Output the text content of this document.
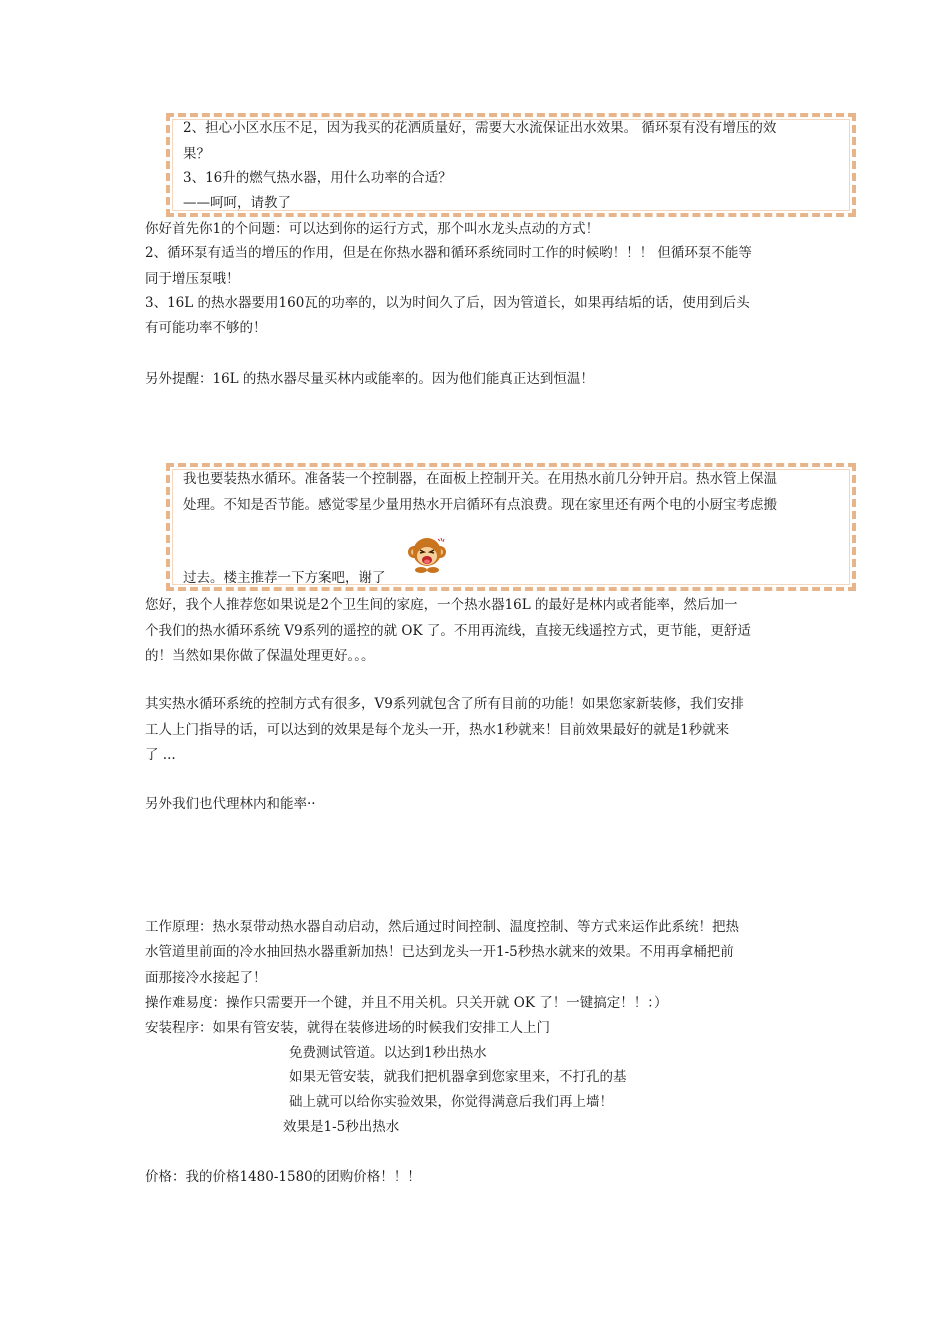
2、担心小区水压不足，因为我买的花洒质量好，需要大水流保证出水效果。 循环泵有没有增压的效
果？
3、16升的燃气热水器，用什么功率的合适？
——呵呵，请教了
你好首先你1的个问题：可以达到你的运行方式，那个叫水龙头点动的方式！
2、循环泵有适当的增压的作用，但是在你热水器和循环系统同时工作的时候哟！！！ 但循环泵不能等
同于增压泵哦！
3、16L 的热水器要用160瓦的功率的，以为时间久了后，因为管道长，如果再结垢的话，使用到后头
有可能功率不够的！
另外提醒：16L 的热水器尽量买林内或能率的。因为他们能真正达到恒温！
我也要装热水循环。准备装一个控制器，在面板上控制开关。在用热水前几分钟开启。热水管上保温
处理。不知是否节能。感觉零星少量用热水开启循环有点浪费。现在家里还有两个电的小厨宝考虑搬
过去。楼主推荐一下方案吧，谢了
您好，我个人推荐您如果说是2个卫生间的家庭，一个热水器16L 的最好是林内或者能率，然后加一
个我们的热水循环系统 V9系列的遥控的就 OK 了。不用再流线，直接无线遥控方式，更节能，更舒适
的！当然如果你做了保温处理更好。。。
其实热水循环系统的控制方式有很多，V9系列就包含了所有目前的功能！如果您家新装修，我们安排
工人上门指导的话，可以达到的效果是每个龙头一开，热水1秒就来！目前效果最好的就是1秒就来
了 ...
另外我们也代理林内和能率··
工作原理：热水泵带动热水器自动启动，然后通过时间控制、温度控制、等方式来运作此系统！把热
水管道里前面的冷水抽回热水器重新加热！已达到龙头一开1-5秒热水就来的效果。不用再拿桶把前
面那接冷水接起了！
操作难易度：操作只需要开一个键，并且不用关机。只关开就 OK 了！一键搞定！！：）
安装程序：如果有管安装，就得在装修进场的时候我们安排工人上门
免费测试管道。以达到1秒出热水
如果无管安装，就我们把机器拿到您家里来，不打孔的基
础上就可以给你实验效果，你觉得满意后我们再上墙！
效果是1-5秒出热水
价格：我的价格1480-1580的团购价格！！！
